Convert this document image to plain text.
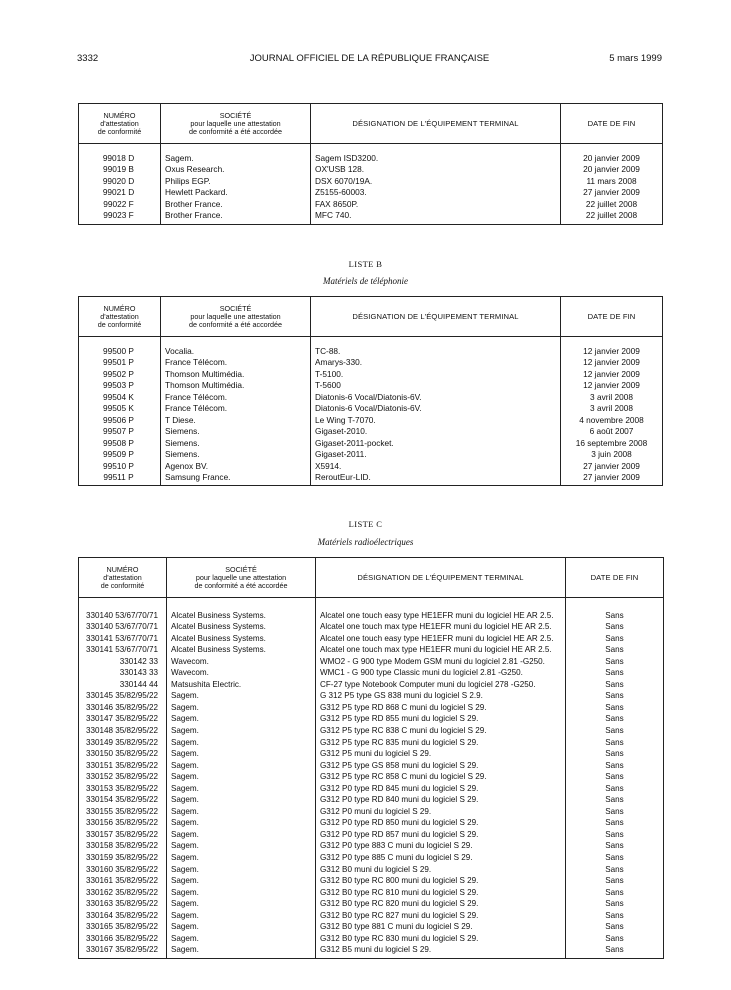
3332	JOURNAL OFFICIEL DE LA RÉPUBLIQUE FRANÇAISE	5 mars 1999
NUMÉRO
d'attestation
de conformité	SOCIÉTÉ
pour laquelle une attestation
de conformité a été accordée	DÉSIGNATION DE L'ÉQUIPEMENT TERMINAL	DATE DE FIN

99018 D	Sagem.	Sagem ISD3200.	20 janvier 2009
99019 B	Oxus Research.	OX'USB 128.	20 janvier 2009
99020 D	Philips EGP.	DSX 6070/19A.	11 mars 2008
99021 D	Hewlett Packard.	Z5155-60003.	27 janvier 2009
99022 F	Brother France.	FAX 8650P.	22 juillet 2008
99023 F	Brother France.	MFC 740.	22 juillet 2008
LISTE B
Matériels de téléphonie
NUMÉRO
d'attestation
de conformité	SOCIÉTÉ
pour laquelle une attestation
de conformité a été accordée	DÉSIGNATION DE L'ÉQUIPEMENT TERMINAL	DATE DE FIN

99500 P	Vocalia.	TC-88.	12 janvier 2009
99501 P	France Télécom.	Amarys-330.	12 janvier 2009
99502 P	Thomson Multimédia.	T-5100.	12 janvier 2009
99503 P	Thomson Multimédia.	T-5600	12 janvier 2009
99504 K	France Télécom.	Diatonis-6 Vocal/Diatonis-6V.	3 avril 2008
99505 K	France Télécom.	Diatonis-6 Vocal/Diatonis-6V.	3 avril 2008
99506 P	T Diese.	Le Wing T-7070.	4 novembre 2008
99507 P	Siemens.	Gigaset-2010.	6 août 2007
99508 P	Siemens.	Gigaset-2011-pocket.	16 septembre 2008
99509 P	Siemens.	Gigaset-2011.	3 juin 2008
99510 P	Agenox BV.	X5914.	27 janvier 2009
99511 P	Samsung France.	ReroutEur-LID.	27 janvier 2009
LISTE C
Matériels radioélectriques
NUMÉRO
d'attestation
de conformité	SOCIÉTÉ
pour laquelle une attestation
de conformité a été accordée	DÉSIGNATION DE L'ÉQUIPEMENT TERMINAL	DATE DE FIN

330140 53/67/70/71	Alcatel Business Systems.	Alcatel one touch easy type HE1EFR muni du logiciel HE AR 2.5.	Sans
330140 53/67/70/71	Alcatel Business Systems.	Alcatel one touch max type HE1EFR muni du logiciel HE AR 2.5.	Sans
330141 53/67/70/71	Alcatel Business Systems.	Alcatel one touch easy type HE1EFR muni du logiciel HE AR 2.5.	Sans
330141 53/67/70/71	Alcatel Business Systems.	Alcatel one touch max type HE1EFR muni du logiciel HE AR 2.5.	Sans
330142 33	Wavecom.	WMO2 - G 900 type Modem GSM muni du logiciel 2.81 -G250.	Sans
330143 33	Wavecom.	WMC1 - G 900 type Classic muni du logiciel 2.81 -G250.	Sans
330144 44	Matsushita Electric.	CF-27 type Notebook Computer muni du logiciel 278 -G250.	Sans
330145 35/82/95/22	Sagem.	G 312 P5 type GS 838 muni du logiciel S 2.9.	Sans
330146 35/82/95/22	Sagem.	G312 P5 type RD 868 C muni du logiciel S 29.	Sans
330147 35/82/95/22	Sagem.	G312 P5 type RD 855 muni du logiciel S 29.	Sans
330148 35/82/95/22	Sagem.	G312 P5 type RC 838 C muni du logiciel S 29.	Sans
330149 35/82/95/22	Sagem.	G312 P5 type RC 835 muni du logiciel S 29.	Sans
330150 35/82/95/22	Sagem.	G312 P5 muni du logiciel S 29.	Sans
330151 35/82/95/22	Sagem.	G312 P5 type GS 858 muni du logiciel S 29.	Sans
330152 35/82/95/22	Sagem.	G312 P5 type RC 858 C muni du logiciel S 29.	Sans
330153 35/82/95/22	Sagem.	G312 P0 type RD 845 muni du logiciel S 29.	Sans
330154 35/82/95/22	Sagem.	G312 P0 type RD 840 muni du logiciel S 29.	Sans
330155 35/82/95/22	Sagem.	G312 P0 muni du logiciel S 29.	Sans
330156 35/82/95/22	Sagem.	G312 P0 type RD 850 muni du logiciel S 29.	Sans
330157 35/82/95/22	Sagem.	G312 P0 type RD 857 muni du logiciel S 29.	Sans
330158 35/82/95/22	Sagem.	G312 P0 type 883 C muni du logiciel S 29.	Sans
330159 35/82/95/22	Sagem.	G312 P0 type 885 C muni du logiciel S 29.	Sans
330160 35/82/95/22	Sagem.	G312 B0 muni du logiciel S 29.	Sans
330161 35/82/95/22	Sagem.	G312 B0 type RC 800 muni du logiciel S 29.	Sans
330162 35/82/95/22	Sagem.	G312 B0 type RC 810 muni du logiciel S 29.	Sans
330163 35/82/95/22	Sagem.	G312 B0 type RC 820 muni du logiciel S 29.	Sans
330164 35/82/95/22	Sagem.	G312 B0 type RC 827 muni du logiciel S 29.	Sans
330165 35/82/95/22	Sagem.	G312 B0 type 881 C muni du logiciel S 29.	Sans
330166 35/82/95/22	Sagem.	G312 B0 type RC 830 muni du logiciel S 29.	Sans
330167 35/82/95/22	Sagem.	G312 B5 muni du logiciel S 29.	Sans
